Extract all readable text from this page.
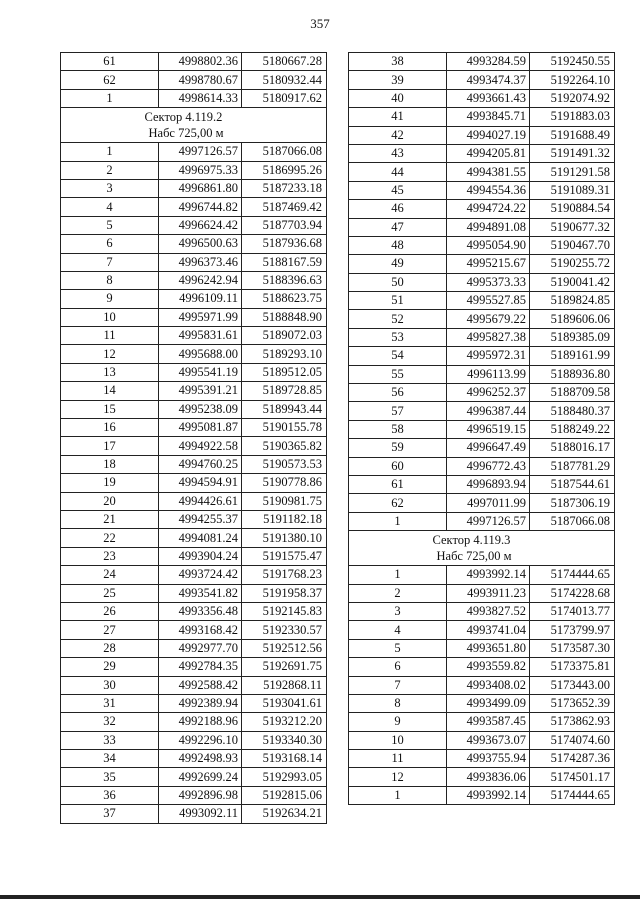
357
61	4998802.36	5180667.28
62	4998780.67	5180932.44
1	4998614.33	5180917.62

	Сектор 4.119.2
Набс 725,00 м	

1	4997126.57	5187066.08
2	4996975.33	5186995.26
3	4996861.80	5187233.18
4	4996744.82	5187469.42
5	4996624.42	5187703.94
6	4996500.63	5187936.68
7	4996373.46	5188167.59
8	4996242.94	5188396.63
9	4996109.11	5188623.75
10	4995971.99	5188848.90
11	4995831.61	5189072.03
12	4995688.00	5189293.10
13	4995541.19	5189512.05
14	4995391.21	5189728.85
15	4995238.09	5189943.44
16	4995081.87	5190155.78
17	4994922.58	5190365.82
18	4994760.25	5190573.53
19	4994594.91	5190778.86
20	4994426.61	5190981.75
21	4994255.37	5191182.18
22	4994081.24	5191380.10
23	4993904.24	5191575.47
24	4993724.42	5191768.23
25	4993541.82	5191958.37
26	4993356.48	5192145.83
27	4993168.42	5192330.57
28	4992977.70	5192512.56
29	4992784.35	5192691.75
30	4992588.42	5192868.11
31	4992389.94	5193041.61
32	4992188.96	5193212.20
33	4992296.10	5193340.30
34	4992498.93	5193168.14
35	4992699.24	5192993.05
36	4992896.98	5192815.06
37	4993092.11	5192634.21
38	4993284.59	5192450.55
39	4993474.37	5192264.10
40	4993661.43	5192074.92
41	4993845.71	5191883.03
42	4994027.19	5191688.49
43	4994205.81	5191491.32
44	4994381.55	5191291.58
45	4994554.36	5191089.31
46	4994724.22	5190884.54
47	4994891.08	5190677.32
48	4995054.90	5190467.70
49	4995215.67	5190255.72
50	4995373.33	5190041.42
51	4995527.85	5189824.85
52	4995679.22	5189606.06
53	4995827.38	5189385.09
54	4995972.31	5189161.99
55	4996113.99	5188936.80
56	4996252.37	5188709.58
57	4996387.44	5188480.37
58	4996519.15	5188249.22
59	4996647.49	5188016.17
60	4996772.43	5187781.29
61	4996893.94	5187544.61
62	4997011.99	5187306.19
1	4997126.57	5187066.08

	Сектор 4.119.3
Набс 725,00 м	

1	4993992.14	5174444.65
2	4993911.23	5174228.68
3	4993827.52	5174013.77
4	4993741.04	5173799.97
5	4993651.80	5173587.30
6	4993559.82	5173375.81
7	4993408.02	5173443.00
8	4993499.09	5173652.39
9	4993587.45	5173862.93
10	4993673.07	5174074.60
11	4993755.94	5174287.36
12	4993836.06	5174501.17
1	4993992.14	5174444.65
